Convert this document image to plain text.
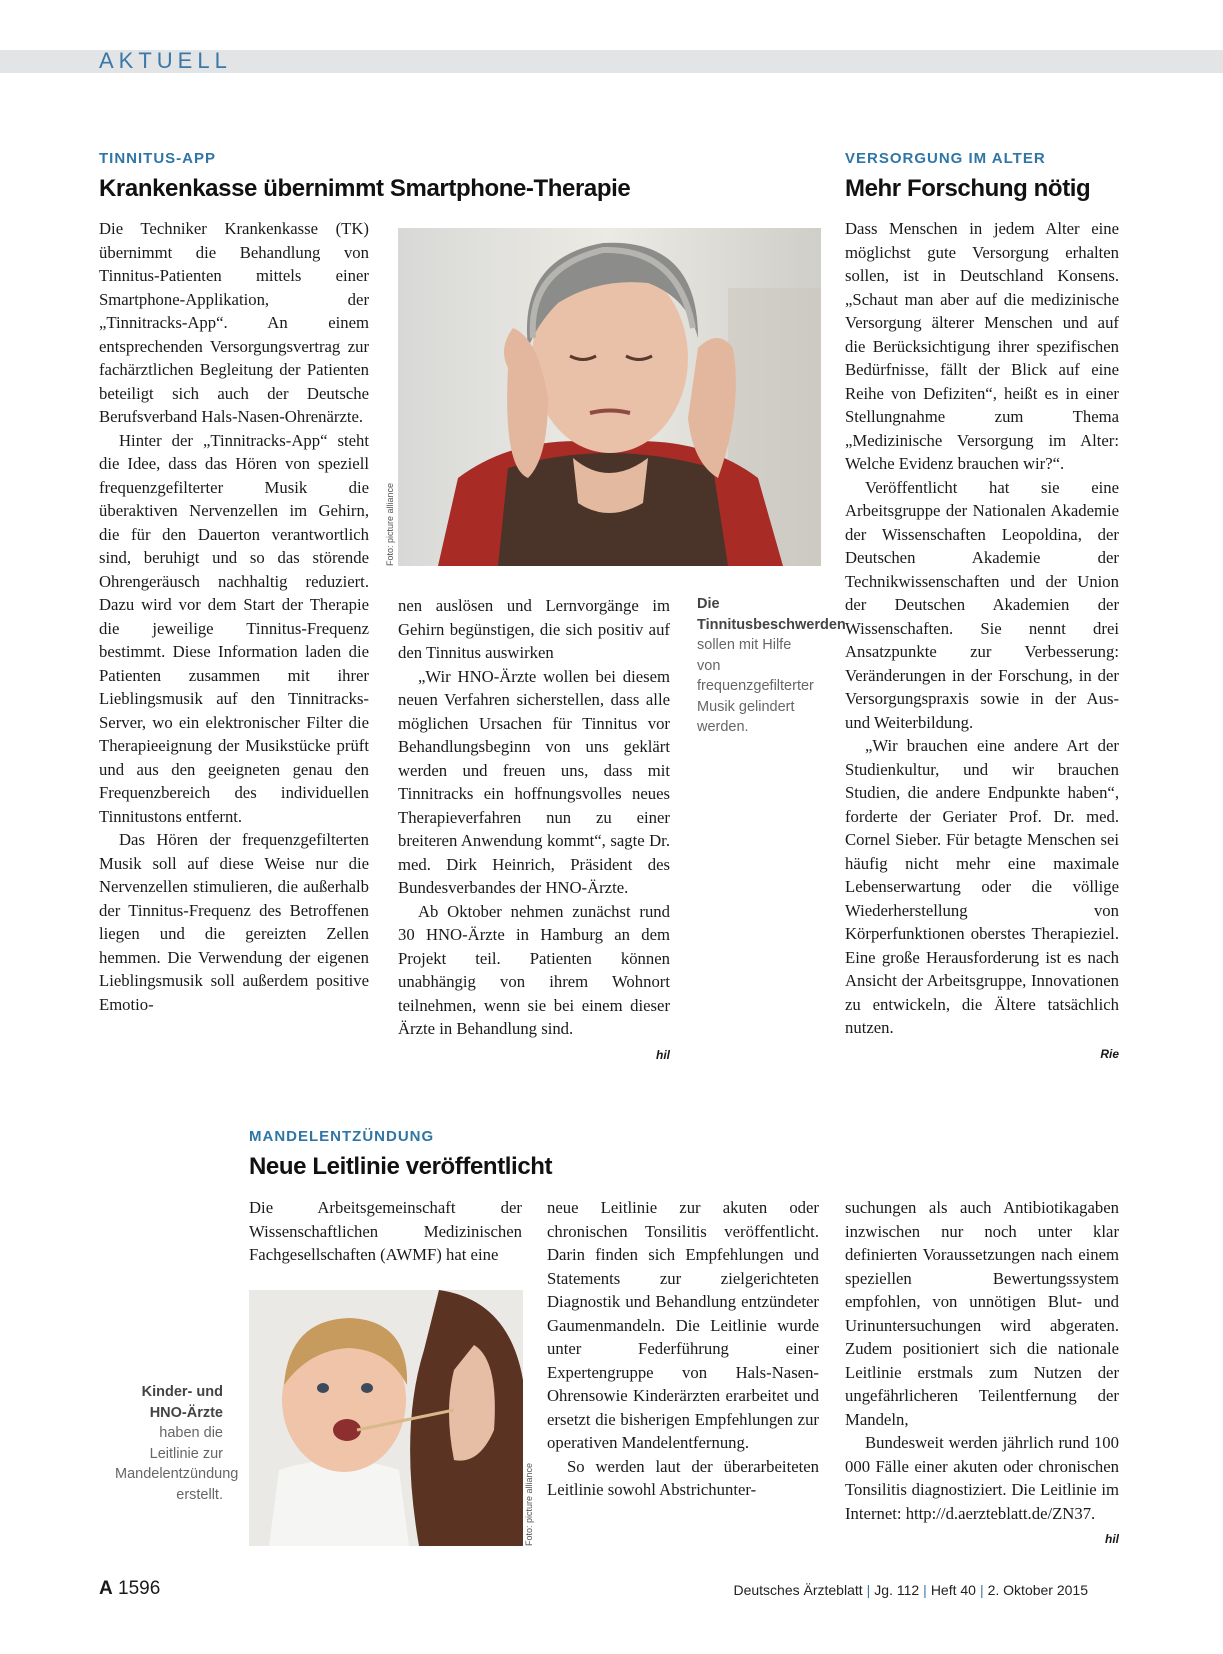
AKTUELL
TINNITUS-APP
Krankenkasse übernimmt Smartphone-Therapie

Die Techniker Krankenkasse (TK) übernimmt die Behandlung von Tinnitus-Patienten mittels einer Smartphone-Applikation, der „Tinnitracks-App“. An einem entsprechenden Versorgungsvertrag zur fachärztlichen Begleitung der Patienten beteiligt sich auch der Deutsche Berufsverband Hals-Nasen-Ohrenärzte.

Hinter der „Tinnitracks-App“ steht die Idee, dass das Hören von speziell frequenzgefilterter Musik die überaktiven Nervenzellen im Gehirn, die für den Dauerton verantwortlich sind, beruhigt und so das störende Ohrengeräusch nachhaltig reduziert. Dazu wird vor dem Start der Therapie die jeweilige Tinnitus-Frequenz bestimmt. Diese Information laden die Patienten zusammen mit ihrer Lieblingsmusik auf den Tinnitracks-Server, wo ein elektronischer Filter die Therapieeignung der Musikstücke prüft und aus den geeigneten genau den Frequenzbereich des individuellen Tinnitustons entfernt.

Das Hören der frequenzgefilterten Musik soll auf diese Weise nur die Nervenzellen stimulieren, die außerhalb der Tinnitus-Frequenz des Betroffenen liegen und die gereizten Zellen hemmen. Die Verwendung der eigenen Lieblingsmusik soll außerdem positive Emotio-

Foto: picture alliance

nen auslösen und Lernvorgänge im Gehirn begünstigen, die sich positiv auf den Tinnitus auswirken

„Wir HNO-Ärzte wollen bei diesem neuen Verfahren sicherstellen, dass alle möglichen Ursachen für Tinnitus vor Behandlungsbeginn von uns geklärt werden und freuen uns, dass mit Tinnitracks ein hoffnungsvolles neues Therapieverfahren nun zu einer breiteren Anwendung kommt“, sagte Dr. med. Dirk Heinrich, Präsident des Bundesverbandes der HNO-Ärzte.

Ab Oktober nehmen zunächst rund 30 HNO-Ärzte in Hamburg an dem Projekt teil. Patienten können unabhängig von ihrem Wohnort teilnehmen, wenn sie bei einem dieser Ärzte in Behandlung sind.

hil
Die Tinnitusbeschwerden sollen mit Hilfe von frequenzgefilterter Musik gelindert werden.
VERSORGUNG IM ALTER
Mehr Forschung nötig

Dass Menschen in jedem Alter eine möglichst gute Versorgung erhalten sollen, ist in Deutschland Konsens. „Schaut man aber auf die medizinische Versorgung älterer Menschen und auf die Berücksichtigung ihrer spezifischen Bedürfnisse, fällt der Blick auf eine Reihe von Defiziten“, heißt es in einer Stellungnahme zum Thema „Medizinische Versorgung im Alter: Welche Evidenz brauchen wir?“.

Veröffentlicht hat sie eine Arbeitsgruppe der Nationalen Akademie der Wissenschaften Leopoldina, der Deutschen Akademie der Technikwissenschaften und der Union der Deutschen Akademien der Wissenschaften. Sie nennt drei Ansatzpunkte zur Verbesserung: Veränderungen in der Forschung, in der Versorgungspraxis sowie in der Aus- und Weiterbildung.

„Wir brauchen eine andere Art der Studienkultur, und wir brauchen Studien, die andere Endpunkte haben“, forderte der Geriater Prof. Dr. med. Cornel Sieber. Für betagte Menschen sei häufig nicht mehr eine maximale Lebenserwartung oder die völlige Wiederherstellung von Körperfunktionen oberstes Therapieziel. Eine große Herausforderung ist es nach Ansicht der Arbeitsgruppe, Innovationen zu entwickeln, die Ältere tatsächlich nutzen.

Rie
MANDELENTZÜNDUNG
Neue Leitlinie veröffentlicht

Die Arbeitsgemeinschaft der Wissenschaftlichen Medizinischen Fachgesellschaften (AWMF) hat eine

Foto: picture alliance
Kinder- und HNO-Ärzte haben die Leitlinie zur Mandelentzündung erstellt.

neue Leitlinie zur akuten oder chronischen Tonsilitis veröffentlicht. Darin finden sich Empfehlungen und Statements zur zielgerichteten Diagnostik und Behandlung entzündeter Gaumenmandeln. Die Leitlinie wurde unter Federführung einer Expertengruppe von Hals-Nasen-Ohrensowie Kinderärzten erarbeitet und ersetzt die bisherigen Empfehlungen zur operativen Mandelentfernung.

So werden laut der überarbeiteten Leitlinie sowohl Abstrichunter-

suchungen als auch Antibiotikagaben inzwischen nur noch unter klar definierten Voraussetzungen nach einem speziellen Bewertungssystem empfohlen, von unnötigen Blut- und Urinuntersuchungen wird abgeraten. Zudem positioniert sich die nationale Leitlinie erstmals zum Nutzen der ungefährlicheren Teilentfernung der Mandeln,

Bundesweit werden jährlich rund 100 000 Fälle einer akuten oder chronischen Tonsilitis diagnostiziert. Die Leitlinie im Internet: http://d.aerzteblatt.de/ZN37.

hil
A 1596	Deutsches Ärzteblatt | Jg. 112 | Heft 40 | 2. Oktober 2015
